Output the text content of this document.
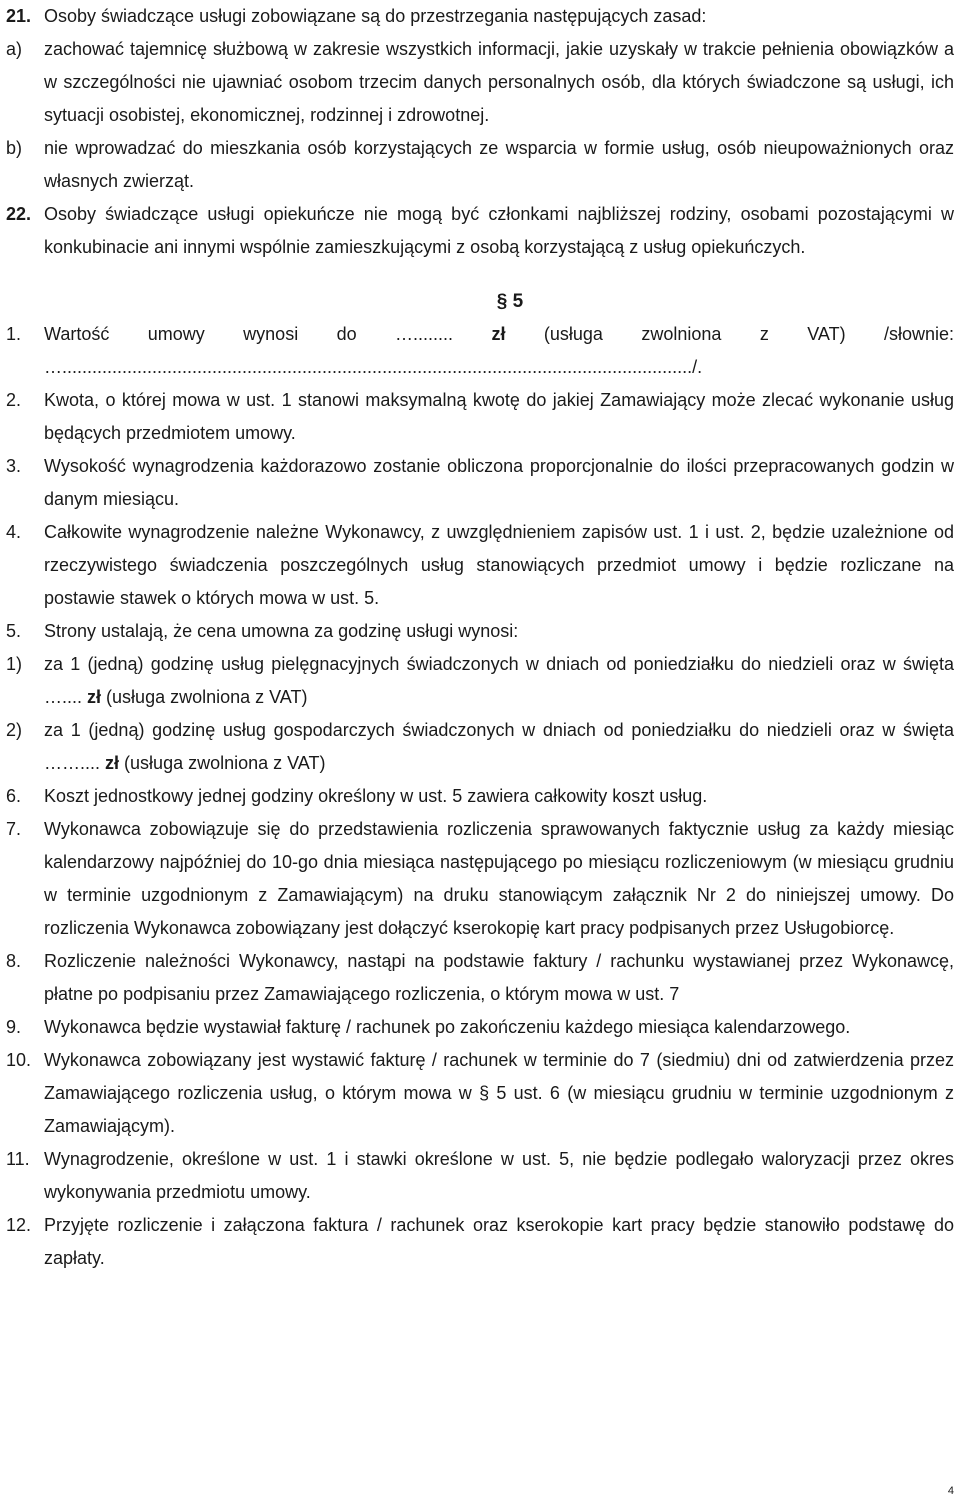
21. Osoby świadczące usługi zobowiązane są do przestrzegania następujących zasad:
a) zachować tajemnicę służbową w zakresie wszystkich informacji, jakie uzyskały w trakcie pełnienia obowiązków a w szczególności nie ujawniać osobom trzecim danych personalnych osób, dla których świadczone są usługi, ich sytuacji osobistej, ekonomicznej, rodzinnej i zdrowotnej.
b) nie wprowadzać do mieszkania osób korzystających ze wsparcia w formie usług, osób nieupoważnionych oraz własnych zwierząt.
22. Osoby świadczące usługi opiekuńcze nie mogą być członkami najbliższej rodziny, osobami pozostającymi w konkubinacie ani innymi wspólnie zamieszkującymi z osobą korzystającą z usług opiekuńczych.
§ 5
1. Wartość umowy wynosi do …........ zł (usługa zwolniona z VAT) /słownie: …............................................................................................................................../.
2. Kwota, o której mowa w ust. 1 stanowi maksymalną kwotę do jakiej Zamawiający może zlecać wykonanie usług będących przedmiotem umowy.
3. Wysokość wynagrodzenia każdorazowo zostanie obliczona proporcjonalnie do ilości przepracowanych godzin w danym miesiącu.
4. Całkowite wynagrodzenie należne Wykonawcy, z uwzględnieniem zapisów ust. 1 i ust. 2, będzie uzależnione od rzeczywistego świadczenia poszczególnych usług stanowiących przedmiot umowy i będzie rozliczane na postawie stawek o których mowa w ust. 5.
5. Strony ustalają, że cena umowna za godzinę usługi wynosi:
1) za 1 (jedną) godzinę usług pielęgnacyjnych świadczonych w dniach od poniedziałku do niedzieli oraz w święta ….... zł (usługa zwolniona z VAT)
2) za 1 (jedną) godzinę usług gospodarczych świadczonych w dniach od poniedziałku do niedzieli oraz w święta …….... zł (usługa zwolniona z VAT)
6. Koszt jednostkowy jednej godziny określony w ust. 5 zawiera całkowity koszt usług.
7. Wykonawca zobowiązuje się do przedstawienia rozliczenia sprawowanych faktycznie usług za każdy miesiąc kalendarzowy najpóźniej do 10-go dnia miesiąca następującego po miesiącu rozliczeniowym (w miesiącu grudniu w terminie uzgodnionym z Zamawiającym) na druku stanowiącym załącznik Nr 2 do niniejszej umowy. Do rozliczenia Wykonawca zobowiązany jest dołączyć kserokopię kart pracy podpisanych przez Usługobiorcę.
8. Rozliczenie należności Wykonawcy, nastąpi na podstawie faktury / rachunku wystawianej przez Wykonawcę, płatne po podpisaniu przez Zamawiającego rozliczenia, o którym mowa w ust. 7
9. Wykonawca będzie wystawiał fakturę / rachunek po zakończeniu każdego miesiąca kalendarzowego.
10. Wykonawca zobowiązany jest wystawić fakturę / rachunek w terminie do 7 (siedmiu) dni od zatwierdzenia przez Zamawiającego rozliczenia usług, o którym mowa w § 5 ust. 6 (w miesiącu grudniu w terminie uzgodnionym z Zamawiającym).
11. Wynagrodzenie, określone w ust. 1 i stawki określone w ust. 5, nie będzie podlegało waloryzacji przez okres wykonywania przedmiotu umowy.
12. Przyjęte rozliczenie i załączona faktura / rachunek oraz kserokopie kart pracy będzie stanowiło podstawę do zapłaty.
4
